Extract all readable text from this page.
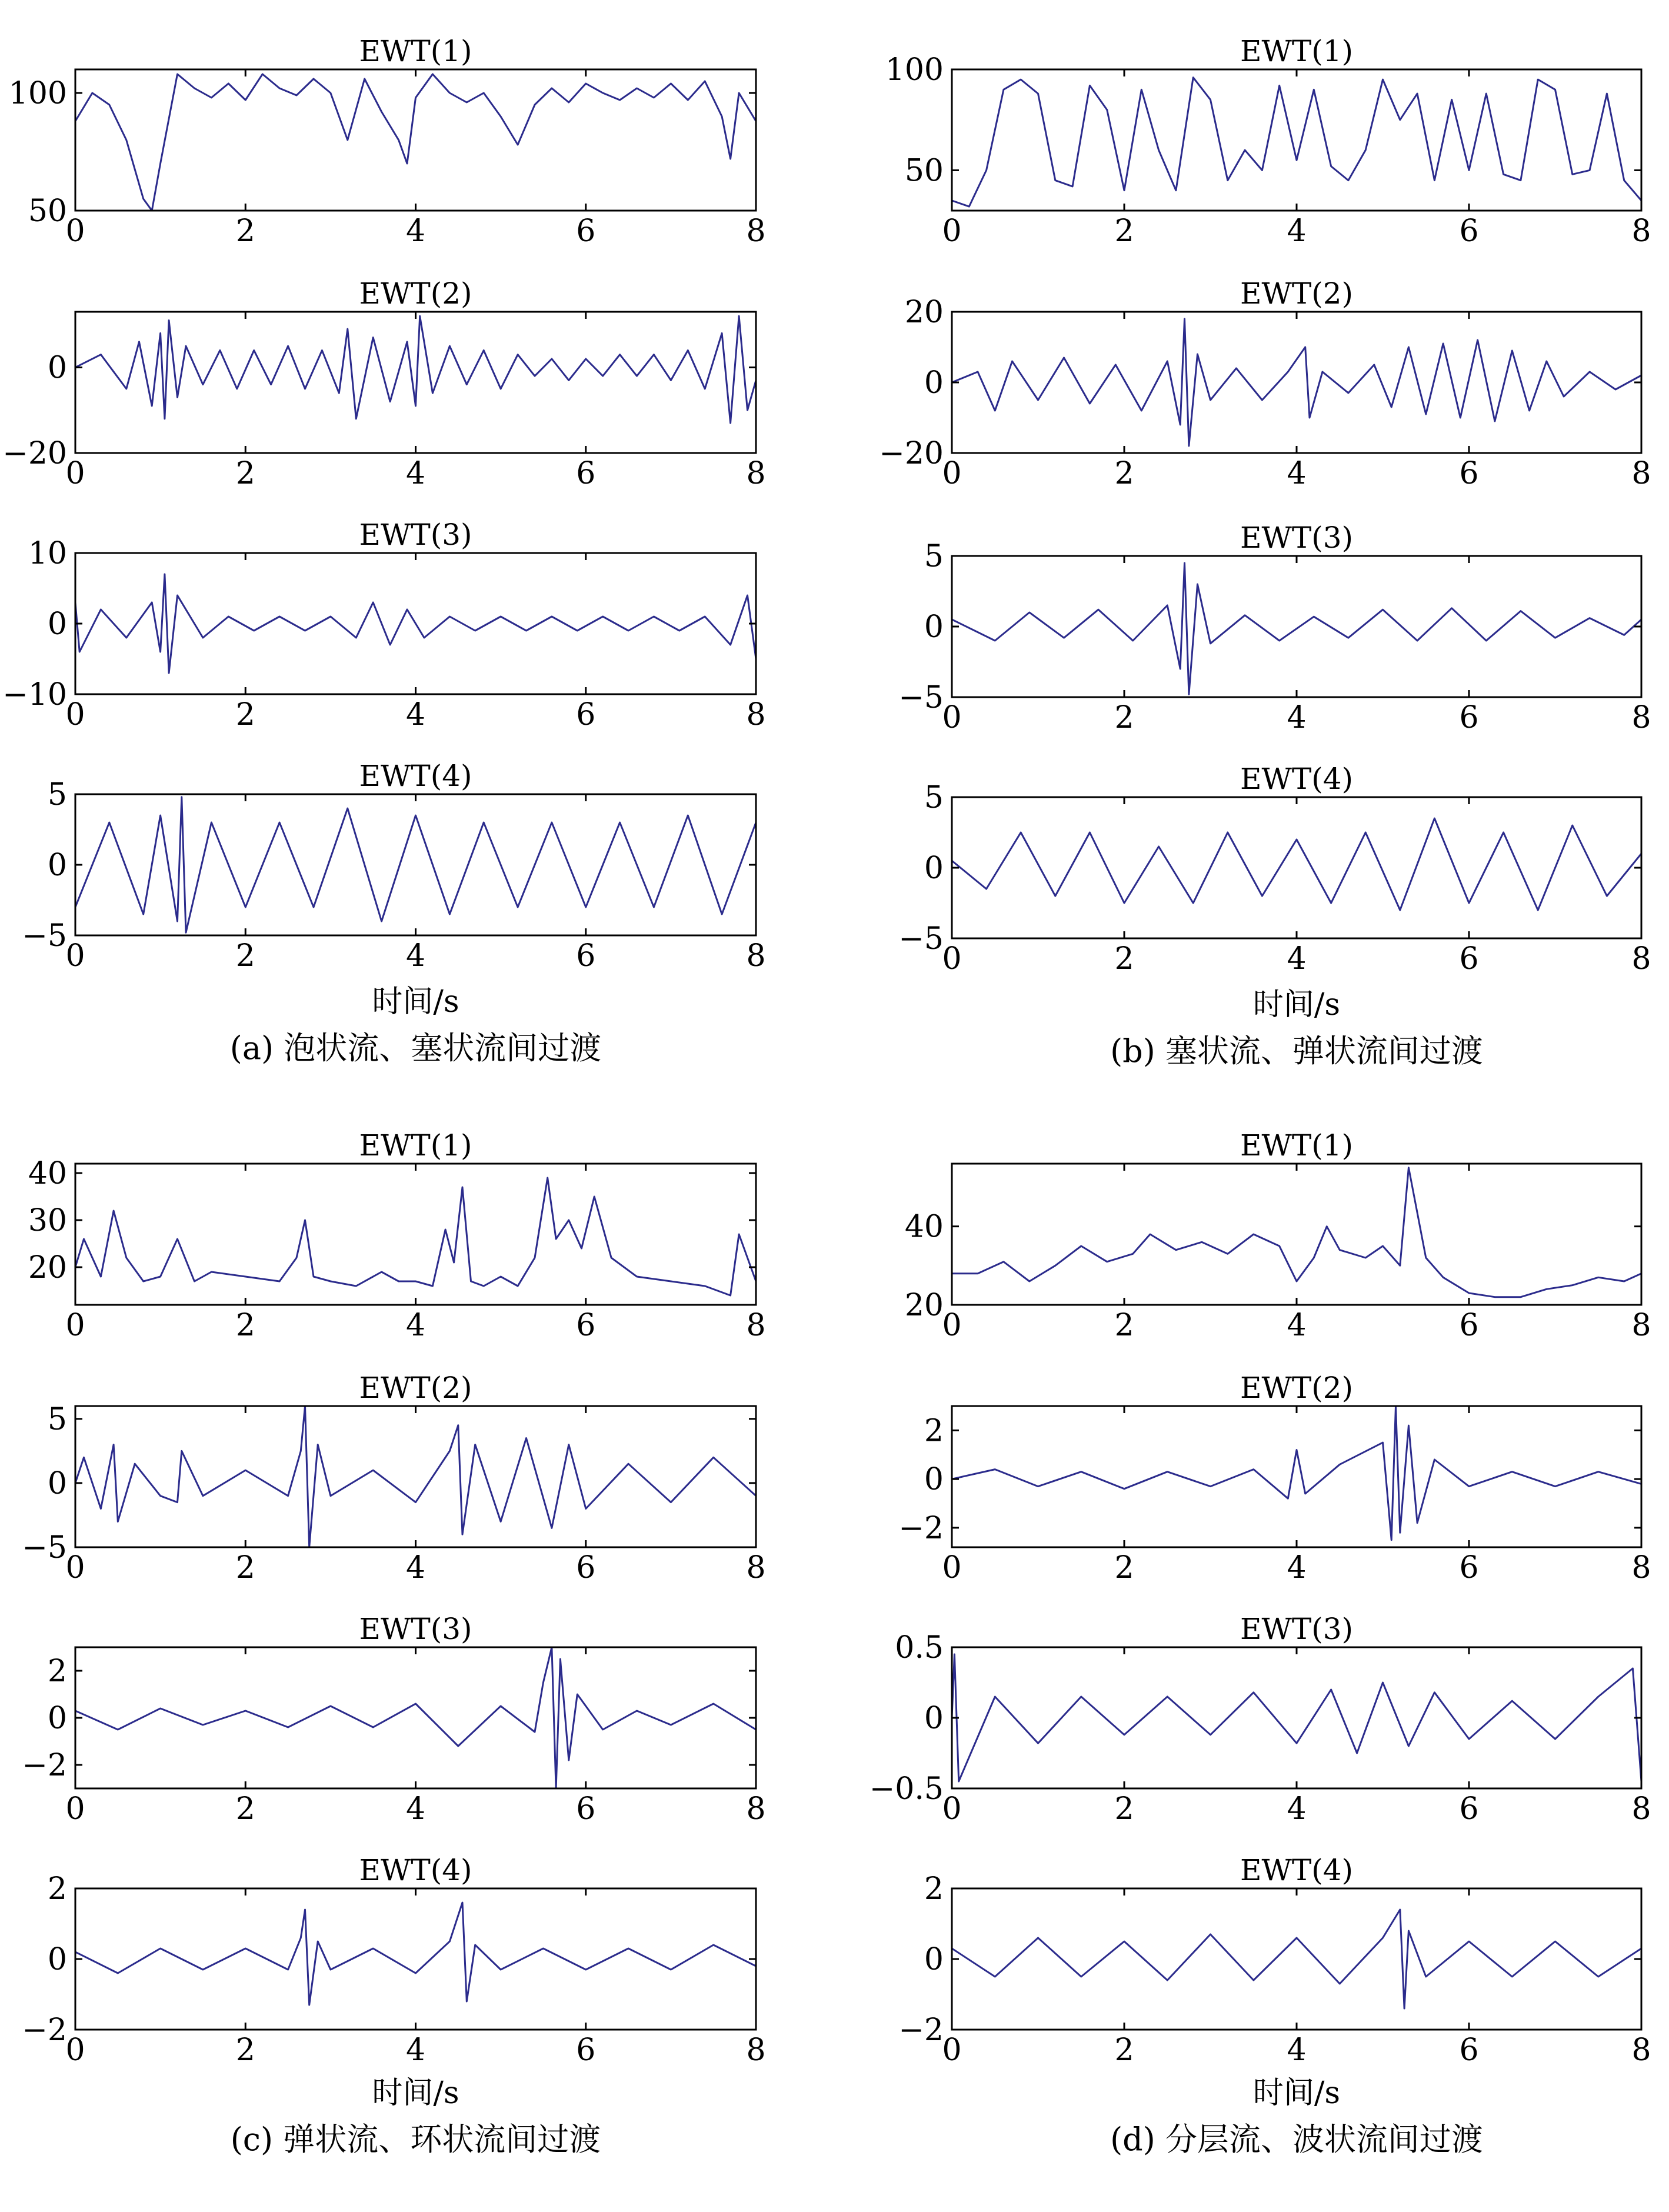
EWT(1)
0	2	4	6	8
50
100
EWT(2)
0	2	4	6	8
−20
0
EWT(3)
0	2	4	6	8
−10
0
10
EWT(4)
0	2	4	6	8
−5
0
5
时间/s
(a) 泡状流、塞状流间过渡
EWT(1)
0	2	4	6	8
50
100
EWT(2)
0	2	4	6	8
−20
0
20
EWT(3)
0	2	4	6	8
−5
0
5
EWT(4)
0	2	4	6	8
−5
0
5
时间/s
(b) 塞状流、弹状流间过渡
EWT(1)
0	2	4	6	8
20
30
40
EWT(2)
0	2	4	6	8
−5
0
5
EWT(3)
0	2	4	6	8
−2
0
2
EWT(4)
0	2	4	6	8
−2
0
2
时间/s
(c) 弹状流、环状流间过渡
EWT(1)
0	2	4	6	8
20
40
EWT(2)
0	2	4	6	8
−2
0
2
EWT(3)
0	2	4	6	8
−0.5
0
0.5
EWT(4)
0	2	4	6	8
−2
0
2
时间/s
(d) 分层流、波状流间过渡
